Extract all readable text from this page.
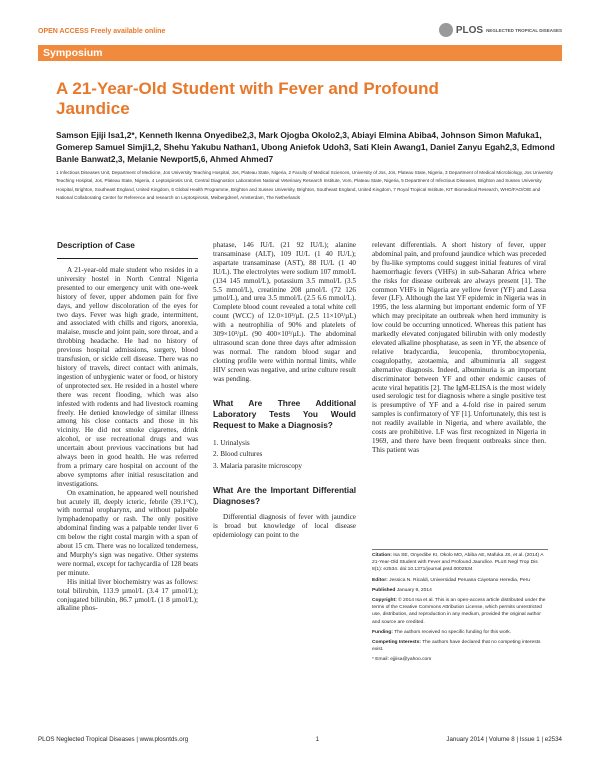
OPEN ACCESS Freely available online	PLOS NEGLECTED TROPICAL DISEASES
Symposium
A 21-Year-Old Student with Fever and Profound Jaundice
Samson Ejiji Isa1,2*, Kenneth Ikenna Onyedibe2,3, Mark Ojogba Okolo2,3, Abiayi Elmina Abiba4, Johnson Simon Mafuka1, Gomerep Samuel Simji1,2, Shehu Yakubu Nathan1, Ubong Aniefok Udoh3, Sati Klein Awang1, Daniel Zanyu Egah2,3, Edmond Banle Banwat2,3, Melanie Newport5,6, Ahmed Ahmed7
1 Infectious Diseases Unit, Department of Medicine, Jos University Teaching Hospital, Jos, Plateau State, Nigeria, 2 Faculty of Medical Sciences, University of Jos, Jos, Plateau State, Nigeria, 3 Department of Medical Microbiology, Jos University Teaching Hospital, Jos, Plateau State, Nigeria, 4 Leptospirosis Unit, Central Diagnostics Laboratories National Veterinary Research Institute, Vom, Plateau State, Nigeria, 5 Department of Infectious Diseases, Brighton and Sussex University Hospital, Brighton, Southeast England, United Kingdom, 6 Global Health Programme, Brighton and Sussex University, Brighton, Southeast England, United Kingdom, 7 Royal Tropical Institute, KIT Biomedical Research, WHO/FAO/OIE and National Collaborating Center for Reference and research on Leptospirosis, Meibergdreef, Amsterdam, The Netherlands
Description of Case

A 21-year-old male student who resides in a university hostel in North Central Nigeria presented to our emergency unit with one-week history of fever, upper abdomen pain for five days, and yellow discoloration of the eyes for two days. Fever was high grade, intermittent, and associated with chills and rigors, anorexia, malaise, muscle and joint pain, sore throat, and a throbbing headache. He had no history of previous hospital admissions, surgery, blood transfusion, or sickle cell disease. There was no history of travels, direct contact with animals, ingestion of unhygienic water or food, or history of unprotected sex. He resided in a hostel where there was recent flooding, which was also infested with rodents and had livestock roaming freely. He denied knowledge of similar illness among his close contacts and those in his vicinity. He did not smoke cigarettes, drink alcohol, or use recreational drugs and was uncertain about previous vaccinations but had always been in good health. He was referred from a primary care hospital on account of the above symptoms after initial resuscitation and investigations.

On examination, he appeared well nourished but acutely ill, deeply icteric, febrile (39.1°C), with normal oropharynx, and without palpable lymphadenopathy or rash. The only positive abdominal finding was a palpable tender liver 6 cm below the right costal margin with a span of about 15 cm. There was no localized tenderness, and Murphy's sign was negative. Other systems were normal, except for tachycardia of 128 beats per minute.

His initial liver biochemistry was as follows: total bilirubin, 113.9 µmol/L (3.4 17 µmol/L); conjugated bilirubin, 86.7 µmol/L (1 8 µmol/L); alkaline phos-

phatase, 146 IU/L (21 92 IU/L); alanine transaminase (ALT), 109 IU/L (1 40 IU/L); aspartate transaminase (AST), 88 IU/L (1 40 IU/L). The electrolytes were sodium 107 mmol/L (134 145 mmol/L), potassium 3.5 mmol/L (3.5 5.5 mmol/L), creatinine 208 µmol/L (72 126 µmol/L), and urea 3.5 mmol/L (2.5 6.6 mmol/L). Complete blood count revealed a total white cell count (WCC) of 12.0×10³/µL (2.5 11×10³/µL) with a neutrophilia of 90% and platelets of 309×10³/µL (90 400×10³/µL). The abdominal ultrasound scan done three days after admission was normal. The random blood sugar and clotting profile were within normal limits, while HIV screen was negative, and urine culture result was pending.

What Are Three Additional Laboratory Tests You Would Request to Make a Diagnosis?
1. Urinalysis
2. Blood cultures
3. Malaria parasite microscopy
What Are the Important Differential Diagnoses?

Differential diagnosis of fever with jaundice is broad but knowledge of local disease epidemiology can point to the

relevant differentials. A short history of fever, upper abdominal pain, and profound jaundice which was preceded by flu-like symptoms could suggest initial features of viral haemorrhagic fevers (VHFs) in sub-Saharan Africa where the risks for disease outbreak are always present [1]. The common VHFs in Nigeria are yellow fever (YF) and Lassa fever (LF). Although the last YF epidemic in Nigeria was in 1995, the less alarming but important endemic form of YF which may precipitate an outbreak when herd immunity is low could be occurring unnoticed. Whereas this patient has markedly elevated conjugated bilirubin with only modestly elevated alkaline phosphatase, as seen in YF, the absence of relative bradycardia, leucopenia, thrombocytopenia, coagulopathy, azotaemia, and albuminuria all suggest alternative diagnosis. Indeed, albuminuria is an important discriminator between YF and other endemic causes of acute viral hepatitis [2]. The IgM-ELISA is the most widely used serologic test for diagnosis where a single positive test is presumptive of YF and a 4-fold rise in paired serum samples is confirmatory of YF [1]. Unfortunately, this test is not readily available in Nigeria, and where available, the costs are prohibitive. LF was first recognized in Nigeria in 1969, and there have been frequent outbreaks since then. This patient was

Citation: Isa SE, Onyedibe KI, Okolo MO, Abiba AE, Mafuka JS, et al. (2014) A 21-Year-Old Student with Fever and Profound Jaundice. PLoS Negl Trop Dis 8(1): e2534. doi:10.1371/journal.pntd.0002534

Editor: Jessica N. Ricaldi, Universidad Peruana Cayetano Heredia, Peru

Published January 9, 2014

Copyright: © 2014 Isa et al. This is an open-access article distributed under the terms of the Creative Commons Attribution License, which permits unrestricted use, distribution, and reproduction in any medium, provided the original author and source are credited.

Funding: The authors received no specific funding for this work.

Competing Interests: The authors have declared that no competing interests exist.

* Email: ejjiisa@yahoo.com

PLOS Neglected Tropical Diseases | www.plosntds.org	1	January 2014 | Volume 8 | Issue 1 | e2534
